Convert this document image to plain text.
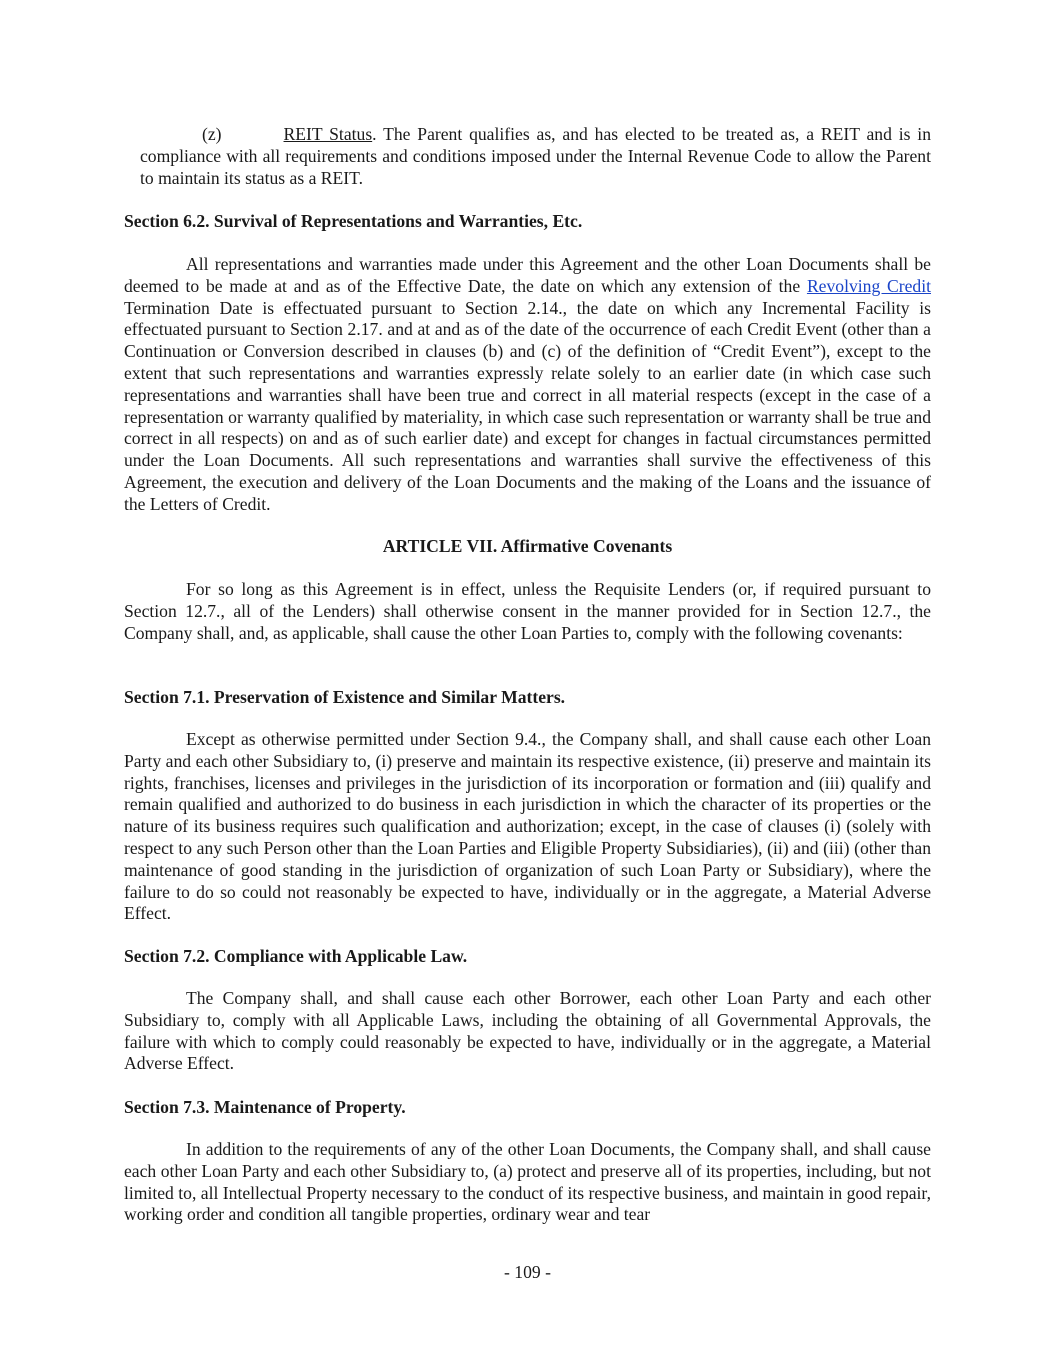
(z)	REIT Status. The Parent qualifies as, and has elected to be treated as, a REIT and is in compliance with all requirements and conditions imposed under the Internal Revenue Code to allow the Parent to maintain its status as a REIT.

Section 6.2. Survival of Representations and Warranties, Etc.

All representations and warranties made under this Agreement and the other Loan Documents shall be deemed to be made at and as of the Effective Date, the date on which any extension of the Revolving Credit Termination Date is effectuated pursuant to Section 2.14., the date on which any Incremental Facility is effectuated pursuant to Section 2.17. and at and as of the date of the occurrence of each Credit Event (other than a Continuation or Conversion described in clauses (b) and (c) of the definition of “Credit Event”), except to the extent that such representations and warranties expressly relate solely to an earlier date (in which case such representations and warranties shall have been true and correct in all material respects (except in the case of a representation or warranty qualified by materiality, in which case such representation or warranty shall be true and correct in all respects) on and as of such earlier date) and except for changes in factual circumstances permitted under the Loan Documents. All such representations and warranties shall survive the effectiveness of this Agreement, the execution and delivery of the Loan Documents and the making of the Loans and the issuance of the Letters of Credit.

ARTICLE VII. Affirmative Covenants

For so long as this Agreement is in effect, unless the Requisite Lenders (or, if required pursuant to Section 12.7., all of the Lenders) shall otherwise consent in the manner provided for in Section 12.7., the Company shall, and, as applicable, shall cause the other Loan Parties to, comply with the following covenants:

Section 7.1. Preservation of Existence and Similar Matters.

Except as otherwise permitted under Section 9.4., the Company shall, and shall cause each other Loan Party and each other Subsidiary to, (i) preserve and maintain its respective existence, (ii) preserve and maintain its rights, franchises, licenses and privileges in the jurisdiction of its incorporation or formation and (iii) qualify and remain qualified and authorized to do business in each jurisdiction in which the character of its properties or the nature of its business requires such qualification and authorization; except, in the case of clauses (i) (solely with respect to any such Person other than the Loan Parties and Eligible Property Subsidiaries), (ii) and (iii) (other than maintenance of good standing in the jurisdiction of organization of such Loan Party or Subsidiary), where the failure to do so could not reasonably be expected to have, individually or in the aggregate, a Material Adverse Effect.

Section 7.2. Compliance with Applicable Law.

The Company shall, and shall cause each other Borrower, each other Loan Party and each other Subsidiary to, comply with all Applicable Laws, including the obtaining of all Governmental Approvals, the failure with which to comply could reasonably be expected to have, individually or in the aggregate, a Material Adverse Effect.

Section 7.3. Maintenance of Property.

In addition to the requirements of any of the other Loan Documents, the Company shall, and shall cause each other Loan Party and each other Subsidiary to, (a) protect and preserve all of its properties, including, but not limited to, all Intellectual Property necessary to the conduct of its respective business, and maintain in good repair, working order and condition all tangible properties, ordinary wear and tear

- 109 -
